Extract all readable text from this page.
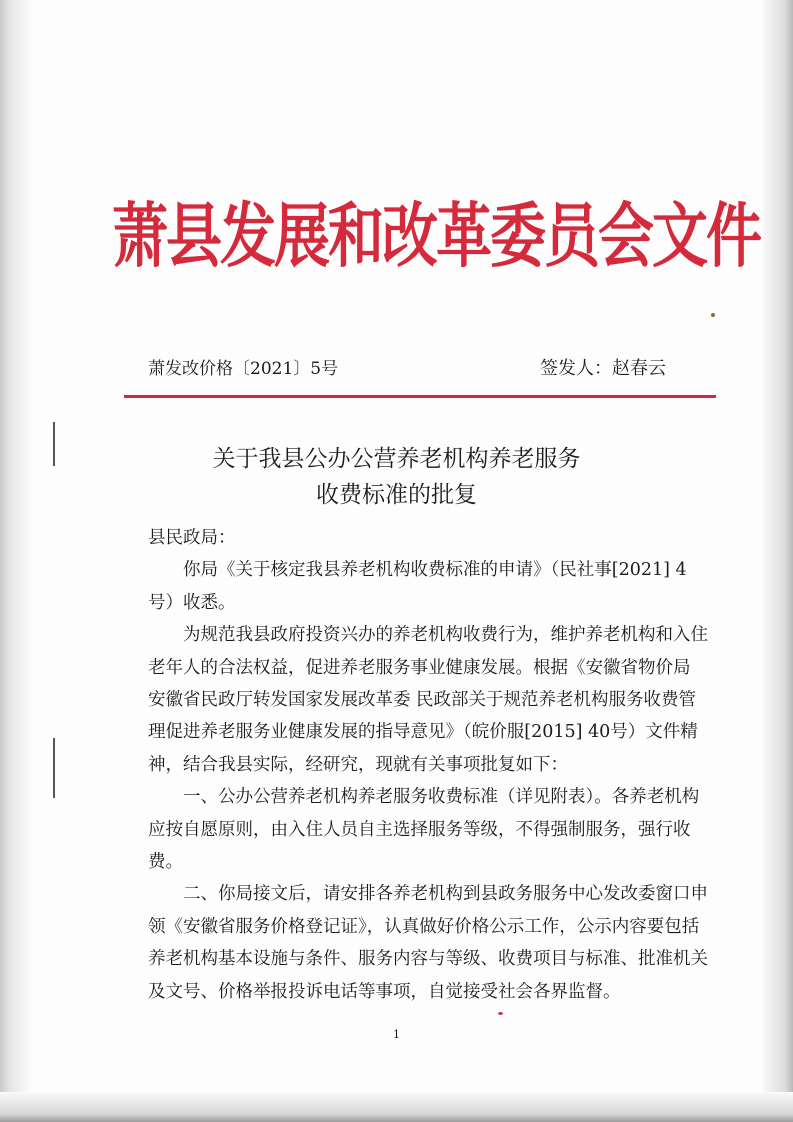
萧县发展和改革委员会文件
萧发改价格〔2021〕5号	签发人：赵春云
关于我县公办公营养老机构养老服务
收费标准的批复

县民政局：

你局《关于核定我县养老机构收费标准的申请》（民社事[2021] 4号）收悉。

为规范我县政府投资兴办的养老机构收费行为，维护养老机构和入住老年人的合法权益，促进养老服务事业健康发展。根据《安徽省物价局 安徽省民政厅转发国家发展改革委 民政部关于规范养老机构服务收费管理促进养老服务业健康发展的指导意见》（皖价服[2015] 40号）文件精神，结合我县实际，经研究，现就有关事项批复如下：

一、公办公营养老机构养老服务收费标准（详见附表）。各养老机构应按自愿原则，由入住人员自主选择服务等级，不得强制服务，强行收费。

二、你局接文后，请安排各养老机构到县政务服务中心发改委窗口申领《安徽省服务价格登记证》，认真做好价格公示工作，公示内容要包括养老机构基本设施与条件、服务内容与等级、收费项目与标准、批准机关及文号、价格举报投诉电话等事项，自觉接受社会各界监督。

1
